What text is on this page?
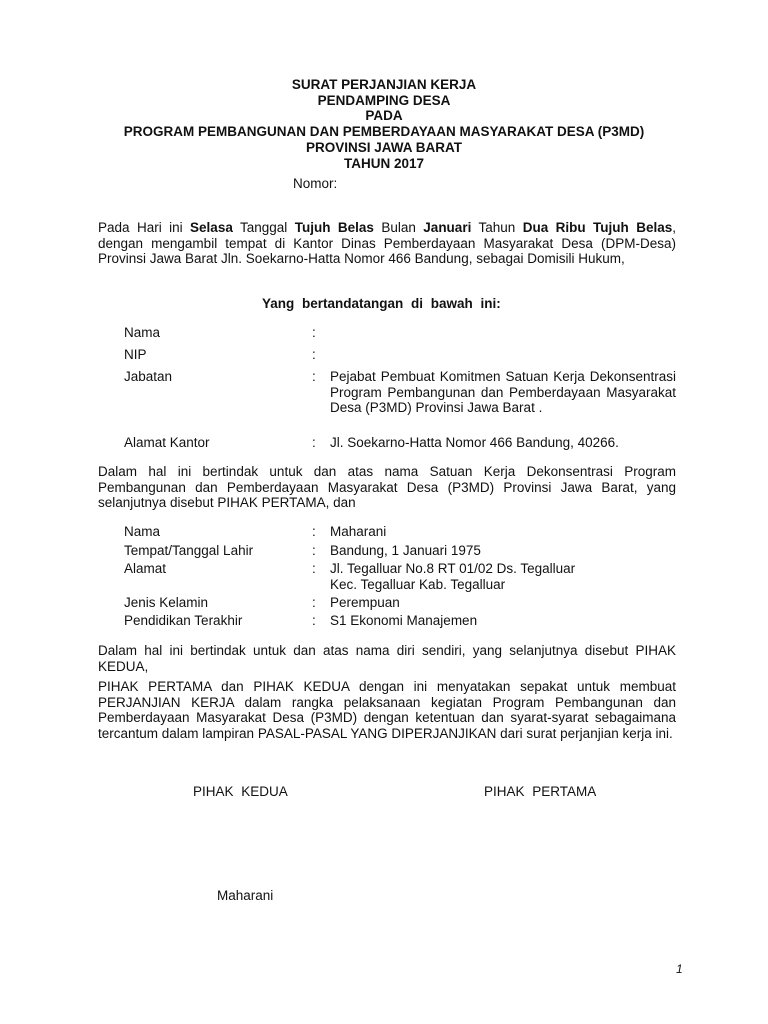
SURAT PERJANJIAN KERJA
PENDAMPING DESA
PADA
PROGRAM PEMBANGUNAN DAN PEMBERDAYAAN MASYARAKAT DESA (P3MD)
PROVINSI JAWA BARAT
TAHUN 2017
Nomor:
Pada Hari ini Selasa Tanggal Tujuh Belas Bulan Januari Tahun Dua Ribu Tujuh Belas, dengan mengambil tempat di Kantor Dinas Pemberdayaan Masyarakat Desa (DPM-Desa) Provinsi Jawa Barat Jln. Soekarno-Hatta Nomor 466 Bandung, sebagai Domisili Hukum,
Yang bertandatangan di bawah ini:
Nama	:
NIP	:
Jabatan	: Pejabat Pembuat Komitmen Satuan Kerja Dekonsentrasi Program Pembangunan dan Pemberdayaan Masyarakat Desa (P3MD) Provinsi Jawa Barat .
Alamat Kantor	: Jl. Soekarno-Hatta Nomor 466 Bandung, 40266.
Dalam hal ini bertindak untuk dan atas nama Satuan Kerja Dekonsentrasi Program Pembangunan dan Pemberdayaan Masyarakat Desa (P3MD) Provinsi Jawa Barat, yang selanjutnya disebut PIHAK PERTAMA, dan
Nama	: Maharani
Tempat/Tanggal Lahir	: Bandung, 1 Januari 1975
Alamat	: Jl. Tegalluar No.8 RT 01/02 Ds. Tegalluar
Kec. Tegalluar Kab. Tegalluar
Jenis Kelamin	: Perempuan
Pendidikan Terakhir	: S1 Ekonomi Manajemen
Dalam hal ini bertindak untuk dan atas nama diri sendiri, yang selanjutnya disebut PIHAK KEDUA,
PIHAK PERTAMA dan PIHAK KEDUA dengan ini menyatakan sepakat untuk membuat PERJANJIAN KERJA dalam rangka pelaksanaan kegiatan Program Pembangunan dan Pemberdayaan Masyarakat Desa (P3MD) dengan ketentuan dan syarat-syarat sebagaimana tercantum dalam lampiran PASAL-PASAL YANG DIPERJANJIKAN dari surat perjanjian kerja ini.
PIHAK KEDUA	PIHAK PERTAMA
Maharani
1
